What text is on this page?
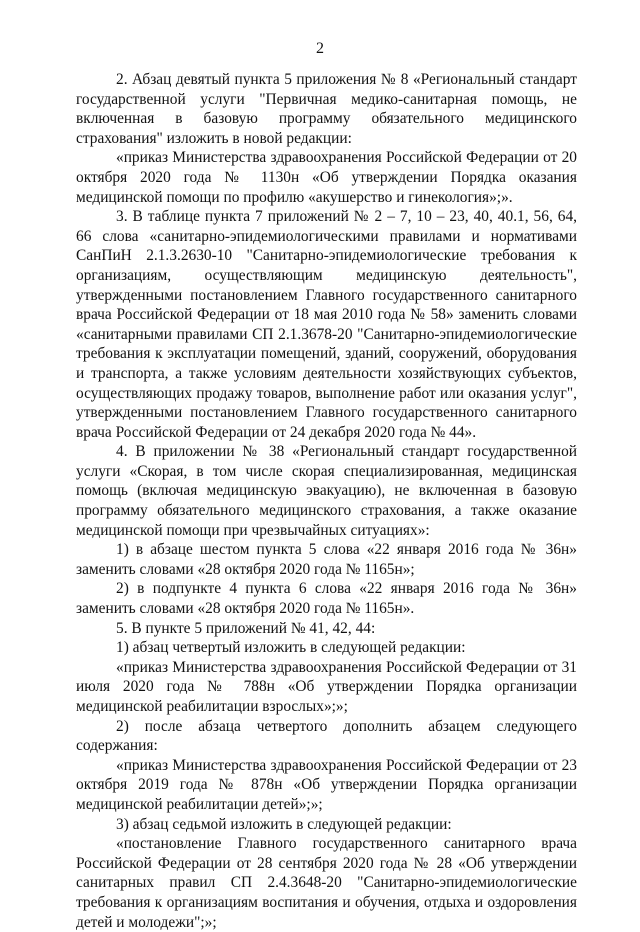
2

2. Абзац девятый пункта 5 приложения № 8 «Региональный стандарт государственной услуги "Первичная медико-санитарная помощь, не включенная в базовую программу обязательного медицинского страхования" изложить в новой редакции:

«приказ Министерства здравоохранения Российской Федерации от 20 октября 2020 года № 1130н «Об утверждении Порядка оказания медицинской помощи по профилю «акушерство и гинекология»;».

3. В таблице пункта 7 приложений № 2 – 7, 10 – 23, 40, 40.1, 56, 64, 66 слова «санитарно-эпидемиологическими правилами и нормативами СанПиН 2.1.3.2630-10 "Санитарно-эпидемиологические требования к организациям, осуществляющим медицинскую деятельность", утвержденными постановлением Главного государственного санитарного врача Российской Федерации от 18 мая 2010 года № 58» заменить словами «санитарными правилами СП 2.1.3678-20 "Санитарно-эпидемиологические требования к эксплуатации помещений, зданий, сооружений, оборудования и транспорта, а также условиям деятельности хозяйствующих субъектов, осуществляющих продажу товаров, выполнение работ или оказания услуг", утвержденными постановлением Главного государственного санитарного врача Российской Федерации от 24 декабря 2020 года № 44».

4. В приложении № 38 «Региональный стандарт государственной услуги «Скорая, в том числе скорая специализированная, медицинская помощь (включая медицинскую эвакуацию), не включенная в базовую программу обязательного медицинского страхования, а также оказание медицинской помощи при чрезвычайных ситуациях»:

1) в абзаце шестом пункта 5 слова «22 января 2016 года № 36н» заменить словами «28 октября 2020 года № 1165н»;

2) в подпункте 4 пункта 6 слова «22 января 2016 года № 36н» заменить словами «28 октября 2020 года № 1165н».

5. В пункте 5 приложений № 41, 42, 44:

1) абзац четвертый изложить в следующей редакции:

«приказ Министерства здравоохранения Российской Федерации от 31 июля 2020 года № 788н «Об утверждении Порядка организации медицинской реабилитации взрослых»;»;

2) после абзаца четвертого дополнить абзацем следующего содержания:

«приказ Министерства здравоохранения Российской Федерации от 23 октября 2019 года № 878н «Об утверждении Порядка организации медицинской реабилитации детей»;»;

3) абзац седьмой изложить в следующей редакции:

«постановление Главного государственного санитарного врача Российской Федерации от 28 сентября 2020 года № 28 «Об утверждении санитарных правил СП 2.4.3648-20 "Санитарно-эпидемиологические требования к организациям воспитания и обучения, отдыха и оздоровления детей и молодежи";»;
